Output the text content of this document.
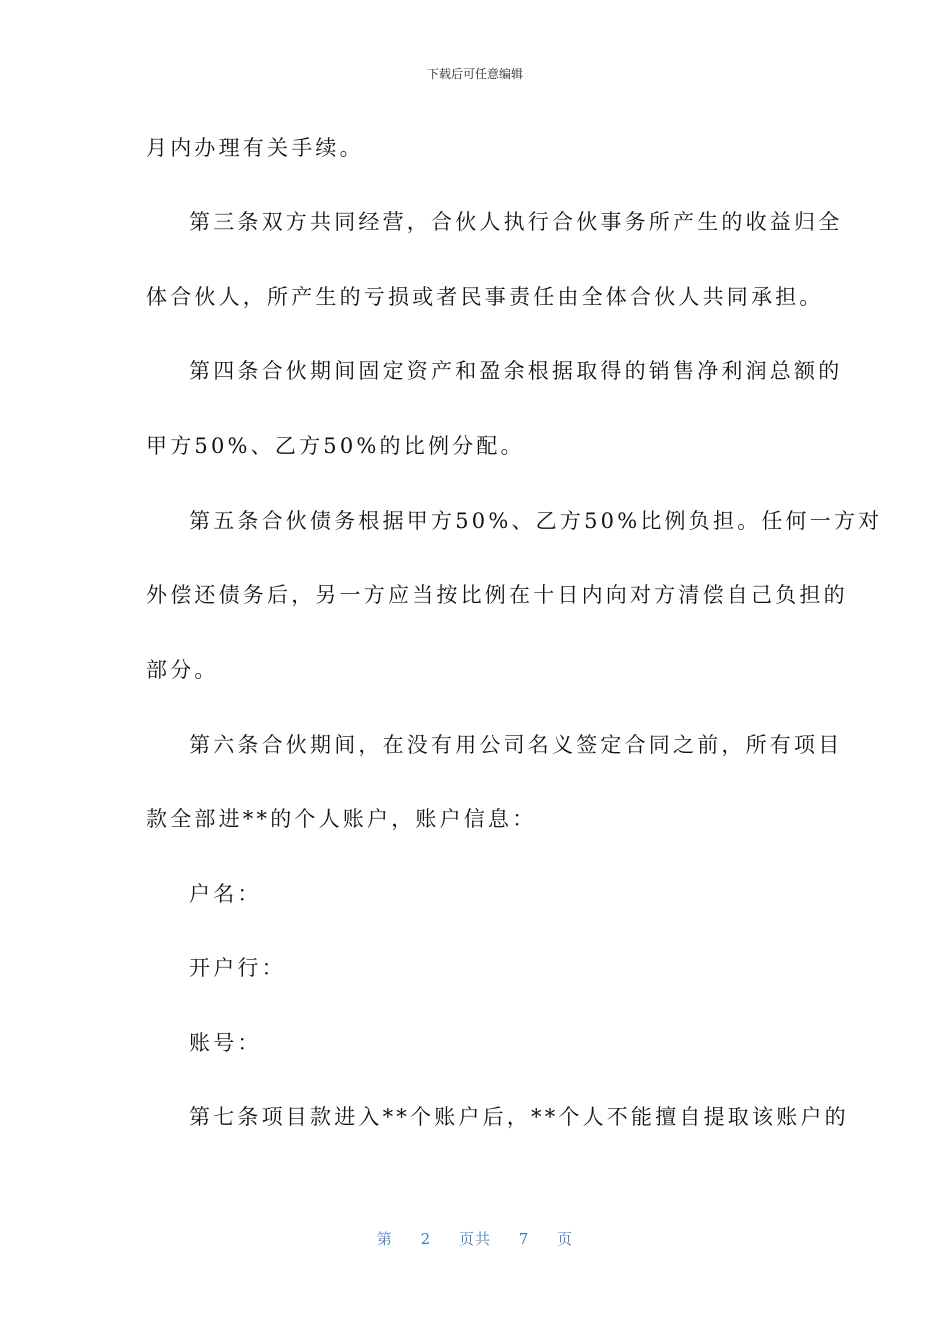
下载后可任意编辑
月内办理有关手续。
第三条双方共同经营，合伙人执行合伙事务所产生的收益归全
体合伙人，所产生的亏损或者民事责任由全体合伙人共同承担。
第四条合伙期间固定资产和盈余根据取得的销售净利润总额的
甲方50%、乙方50%的比例分配。
第五条合伙债务根据甲方50%、乙方50%比例负担。任何一方对
外偿还债务后，另一方应当按比例在十日内向对方清偿自己负担的
部分。
第六条合伙期间，在没有用公司名义签定合同之前，所有项目
款全部进**的个人账户，账户信息：
户名：
开户行：
账号：
第七条项目款进入**个账户后，**个人不能擅自提取该账户的
第 2 页共 7 页
